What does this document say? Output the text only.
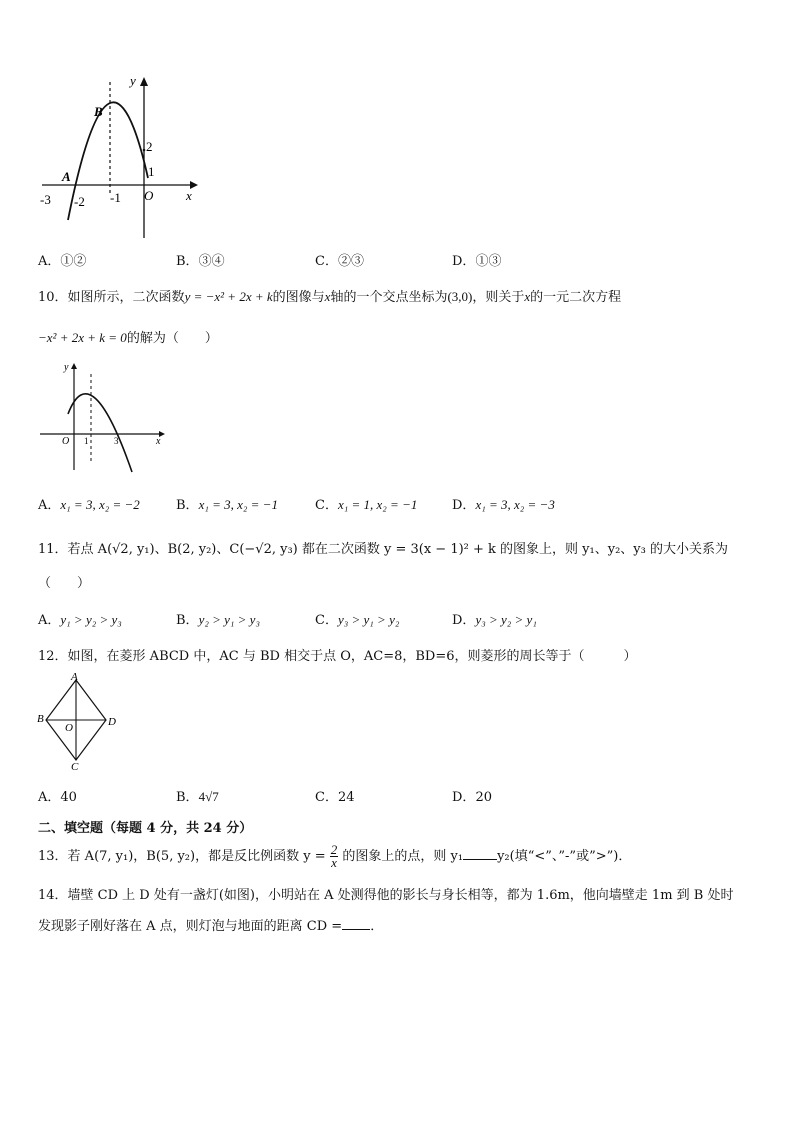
y
x
B
A
O
-3 -2 -1
2
1
A．①②	B．③④	C．②③	D．①③
10．如图所示，二次函数y = −x² + 2x + k的图像与x轴的一个交点坐标为(3,0)，则关于x的一元二次方程
−x² + 2x + k = 0的解为（　　）
y
x
O 1	3
A．x₁ = 3, x₂ = −2	B．x₁ = 3, x₂ = −1	C．x₁ = 1, x₂ = −1	D．x₁ = 3, x₂ = −3
11．若点 A(√2, y₁)、B(2, y₂)、C(−√2, y₃) 都在二次函数 y = 3(x − 1)² + k 的图象上，则 y₁、y₂、y₃ 的大小关系为
（　　）
A．y₁ > y₂ > y₃	B．y₂ > y₁ > y₃	C．y₃ > y₁ > y₂	D．y₃ > y₂ > y₁
12．如图，在菱形 ABCD 中，AC 与 BD 相交于点 O，AC=8，BD=6，则菱形的周长等于（　　　）
A
B
C
D
O
A．40	B．4√7	C．24	D．20
二、填空题（每题 4 分，共 24 分）
13．若 A(7, y₁)，B(5, y₂)，都是反比例函数 $y = \frac{2}{x}$ 的图象上的点，则 y₁	y₂(填“<”、”-”或”>”)．
14．墙壁 CD 上 D 处有一盏灯(如图)，小明站在 A 处测得他的影长与身长相等，都为 1.6m，他向墙壁走 1m 到 B 处时
发现影子刚好落在 A 点，则灯泡与地面的距离 CD = ．
